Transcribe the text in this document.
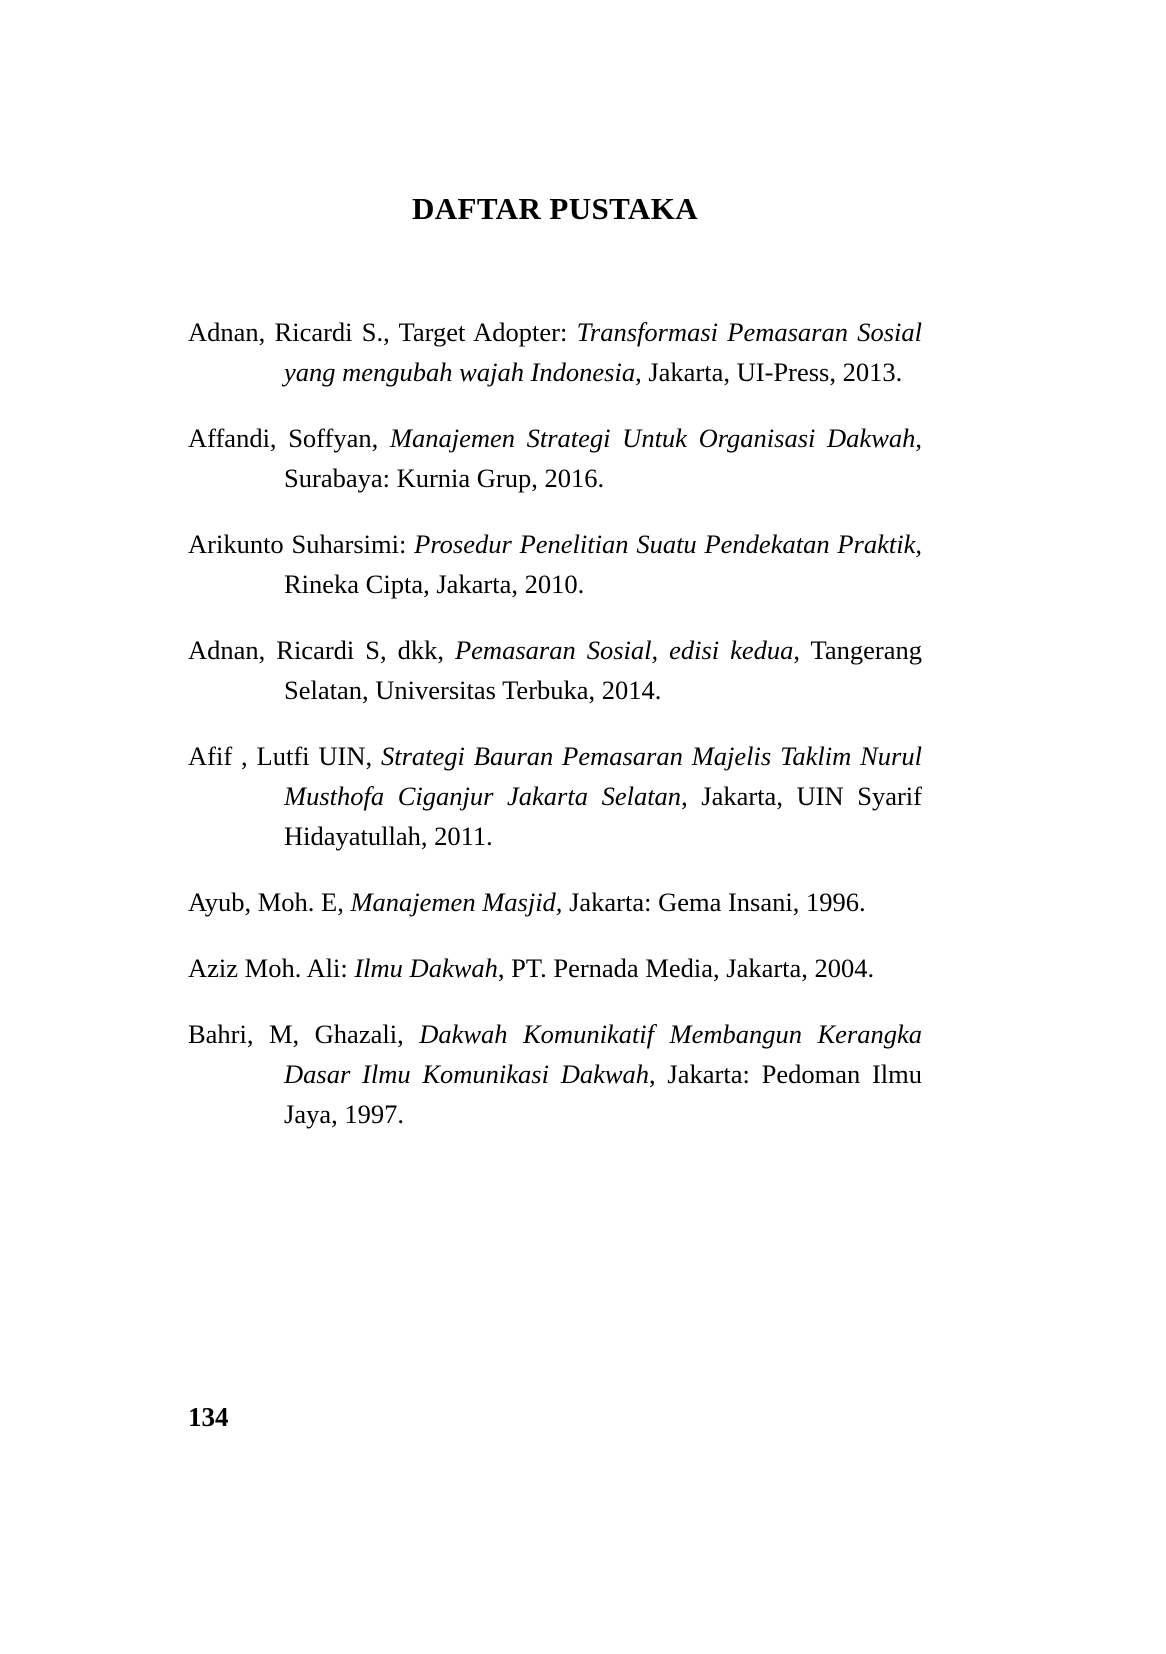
DAFTAR PUSTAKA
Adnan, Ricardi S., Target Adopter: Transformasi Pemasaran Sosial yang mengubah wajah Indonesia, Jakarta, UI-Press, 2013.
Affandi, Soffyan, Manajemen Strategi Untuk Organisasi Dakwah, Surabaya: Kurnia Grup, 2016.
Arikunto Suharsimi: Prosedur Penelitian Suatu Pendekatan Praktik, Rineka Cipta, Jakarta, 2010.
Adnan, Ricardi S, dkk, Pemasaran Sosial, edisi kedua, Tangerang Selatan, Universitas Terbuka, 2014.
Afif , Lutfi UIN, Strategi Bauran Pemasaran Majelis Taklim Nurul Musthofa Ciganjur Jakarta Selatan, Jakarta, UIN Syarif Hidayatullah, 2011.
Ayub, Moh. E, Manajemen Masjid, Jakarta: Gema Insani, 1996.
Aziz Moh. Ali: Ilmu Dakwah, PT. Pernada Media, Jakarta, 2004.
Bahri, M, Ghazali, Dakwah Komunikatif Membangun Kerangka Dasar Ilmu Komunikasi Dakwah, Jakarta: Pedoman Ilmu Jaya, 1997.
134
